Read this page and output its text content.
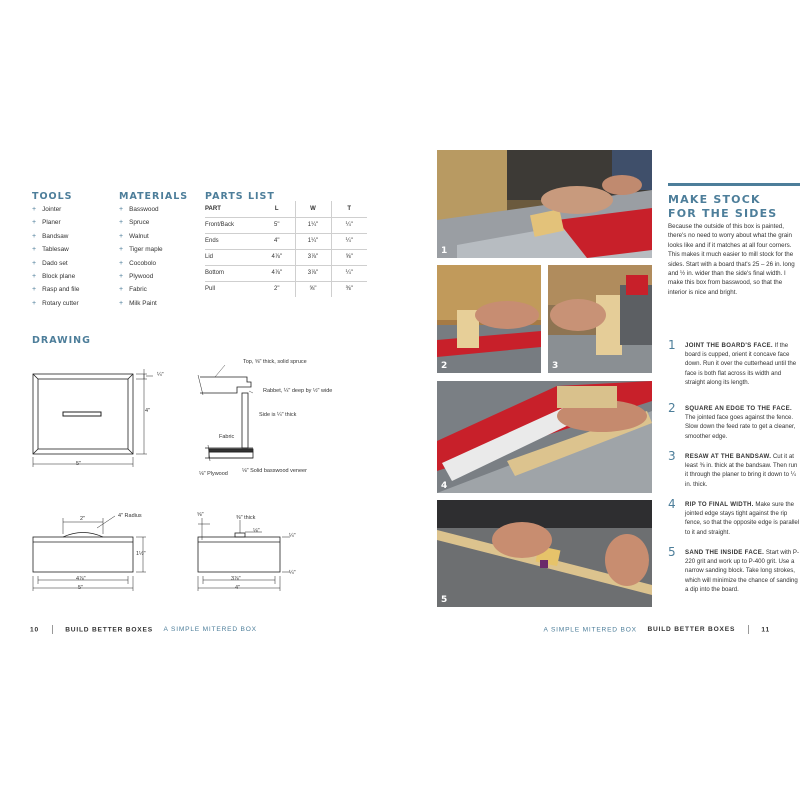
TOOLS
+ Jointer
+ Planer
+ Bandsaw
+ Tablesaw
+ Dado set
+ Block plane
+ Rasp and file
+ Rotary cutter
MATERIALS
+ Basswood
+ Spruce
+ Walnut
+ Tiger maple
+ Cocobolo
+ Plywood
+ Fabric
+ Milk Paint
PARTS LIST
PART	L	W	T
Front/Back	5"	1¼"	¼"
Ends	4"	1¼"	¼"
Lid	4⅞"	3⅞"	⅝"
Bottom	4⅞"	3⅞"	¼"
Pull	2"	⅝"	⅜"
DRAWING
5"
4"
¼"
Top, ⅝" thick, solid spruce
Rabbet, ¼" deep by ½" wide
Side is ¼" thick
Fabric
⅛" Solid basswood veneer
⅛" Plywood
4" Radius
2"
1½"
4⅞"
5"
⅝"	⅜" thick
⅛"
¼"
¼"
3⅞"
4"
10	BUILD BETTER BOXES A SIMPLE MITERED BOX
1
2	3
4
5
MAKE STOCK
FOR THE SIDES
Because the outside of this box is painted, there's no need to worry about what the grain looks like and if it matches at all four corners. This makes it much easier to mill stock for the sides. Start with a board that's 25 – 26 in. long and ½ in. wider than the side's final width. I make this box from basswood, so that the interior is nice and bright.
1 JOINT THE BOARD'S FACE. If the board is cupped, orient it concave face down. Run it over the cutterhead until the face is both flat across its width and straight along its length.
2 SQUARE AN EDGE TO THE FACE. The jointed face goes against the fence. Slow down the feed rate to get a cleaner, smoother edge.
3 RESAW AT THE BANDSAW. Cut it at least ⅜ in. thick at the bandsaw. Then run it through the planer to bring it down to ¼ in. thick.
4 RIP TO FINAL WIDTH. Make sure the jointed edge stays tight against the rip fence, so that the opposite edge is parallel to it and straight.
5 SAND THE INSIDE FACE. Start with P-220 grit and work up to P-400 grit. Use a narrow sanding block. Take long strokes, which will minimize the chance of sanding a dip into the board.
A SIMPLE MITERED BOX BUILD BETTER BOXES	11
